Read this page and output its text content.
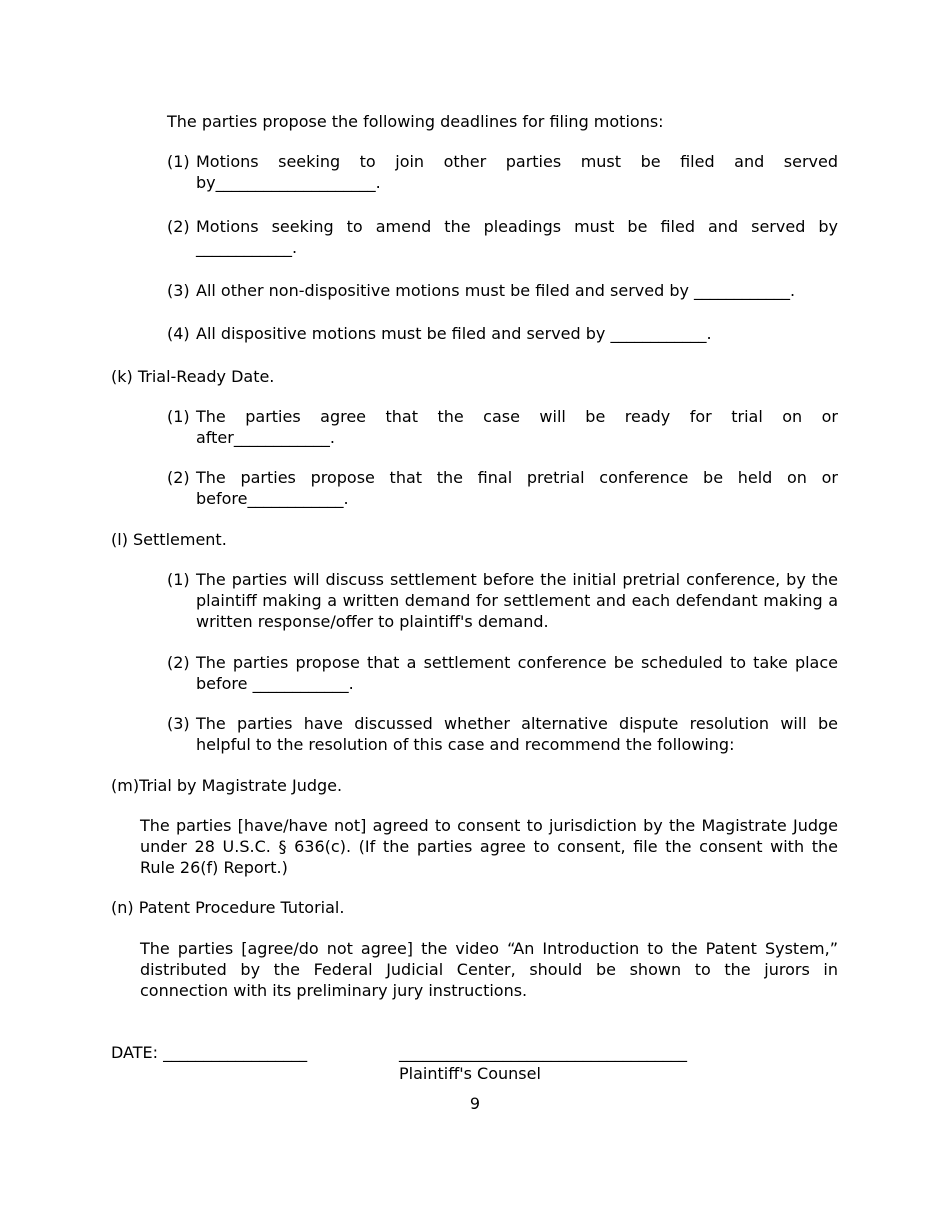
The parties propose the following deadlines for filing motions:
(1) Motions seeking to join other parties must be filed and served
by____________________.
(2) Motions seeking to amend the pleadings must be filed and served by
____________.
(3) All other non-dispositive motions must be filed and served by ____________.
(4) All dispositive motions must be filed and served by ____________.
(k) Trial-Ready Date.
(1) The parties agree that the case will be ready for trial on or
after____________.
(2) The parties propose that the final pretrial conference be held on or
before____________.
(l) Settlement.
(1) The parties will discuss settlement before the initial pretrial conference, by the
plaintiff making a written demand for settlement and each defendant making a
written response/offer to plaintiff's demand.
(2) The parties propose that a settlement conference be scheduled to take place
before ____________.
(3) The parties have discussed whether alternative dispute resolution will be
helpful to the resolution of this case and recommend the following:
(m)Trial by Magistrate Judge.
The parties [have/have not] agreed to consent to jurisdiction by the Magistrate Judge
under 28 U.S.C. § 636(c). (If the parties agree to consent, file the consent with the
Rule 26(f) Report.)
(n) Patent Procedure Tutorial.
The parties [agree/do not agree] the video “An Introduction to the Patent System,”
distributed by the Federal Judicial Center, should be shown to the jurors in
connection with its preliminary jury instructions.
DATE: __________________	____________________________________
Plaintiff's Counsel
9
